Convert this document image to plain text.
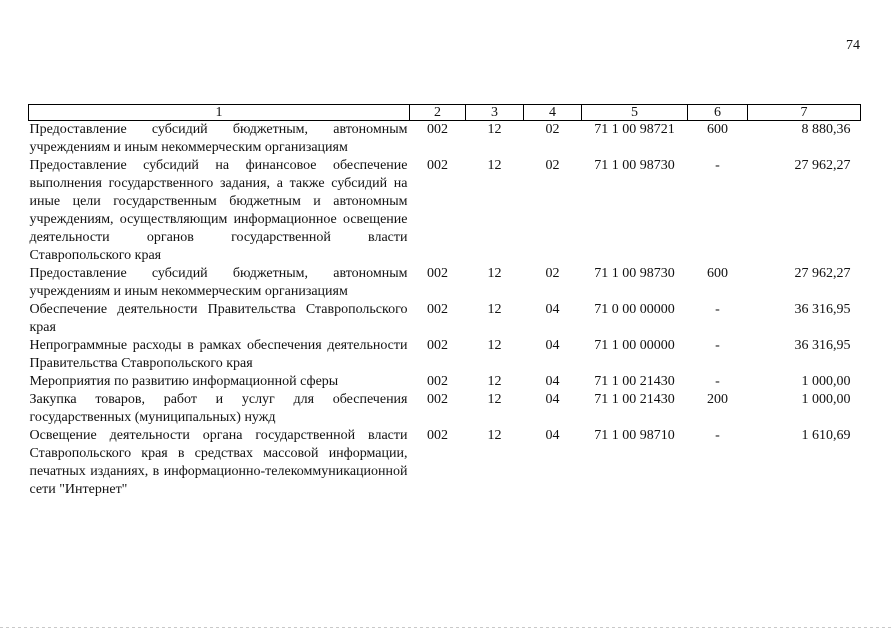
74
1	2	3	4	5	6	7
Предоставление субсидий бюджетным, автономным учреждениям и иным некоммерческим организациям	002	12	02	71 1 00 98721	600	8 880,36
Предоставление субсидий на финансовое обеспечение выполнения государственного задания, а также субсидий на иные цели государственным бюджетным и автономным учреждениям, осуществляющим информационное освещение деятельности органов государственной власти Ставропольского края	002	12	02	71 1 00 98730	-	27 962,27
Предоставление субсидий бюджетным, автономным учреждениям и иным некоммерческим организациям	002	12	02	71 1 00 98730	600	27 962,27
Обеспечение деятельности Правительства Ставропольского края	002	12	04	71 0 00 00000	-	36 316,95
Непрограммные расходы в рамках обеспечения деятельности Правительства Ставропольского края	002	12	04	71 1 00 00000	-	36 316,95
Мероприятия по развитию информационной сферы	002	12	04	71 1 00 21430	-	1 000,00
Закупка товаров, работ и услуг для обеспечения государственных (муниципальных) нужд	002	12	04	71 1 00 21430	200	1 000,00
Освещение деятельности органа государственной власти Ставропольского края в средствах массовой информации, печатных изданиях, в информационно-телекоммуникационной сети "Интернет"	002	12	04	71 1 00 98710	-	1 610,69
